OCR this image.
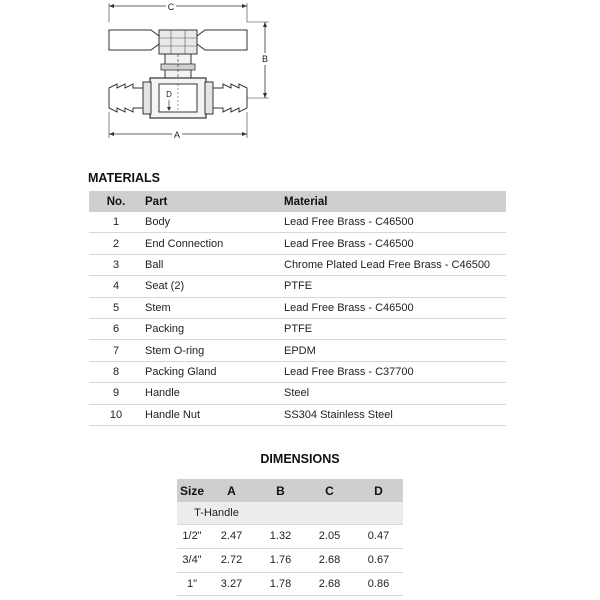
C
D
B
A
MATERIALS
No.	Part	Material
1	Body	Lead Free Brass - C46500
2	End Connection	Lead Free Brass - C46500
3	Ball	Chrome Plated Lead Free Brass - C46500
4	Seat (2)	PTFE
5	Stem	Lead Free Brass - C46500
6	Packing	PTFE
7	Stem O-ring	EPDM
8	Packing Gland	Lead Free Brass - C37700
9	Handle	Steel
10	Handle Nut	SS304 Stainless Steel
DIMENSIONS
Size	A	B	C	D
T-Handle				
1/2"	2.47	1.32	2.05	0.47
3/4"	2.72	1.76	2.68	0.67
1"	3.27	1.78	2.68	0.86
